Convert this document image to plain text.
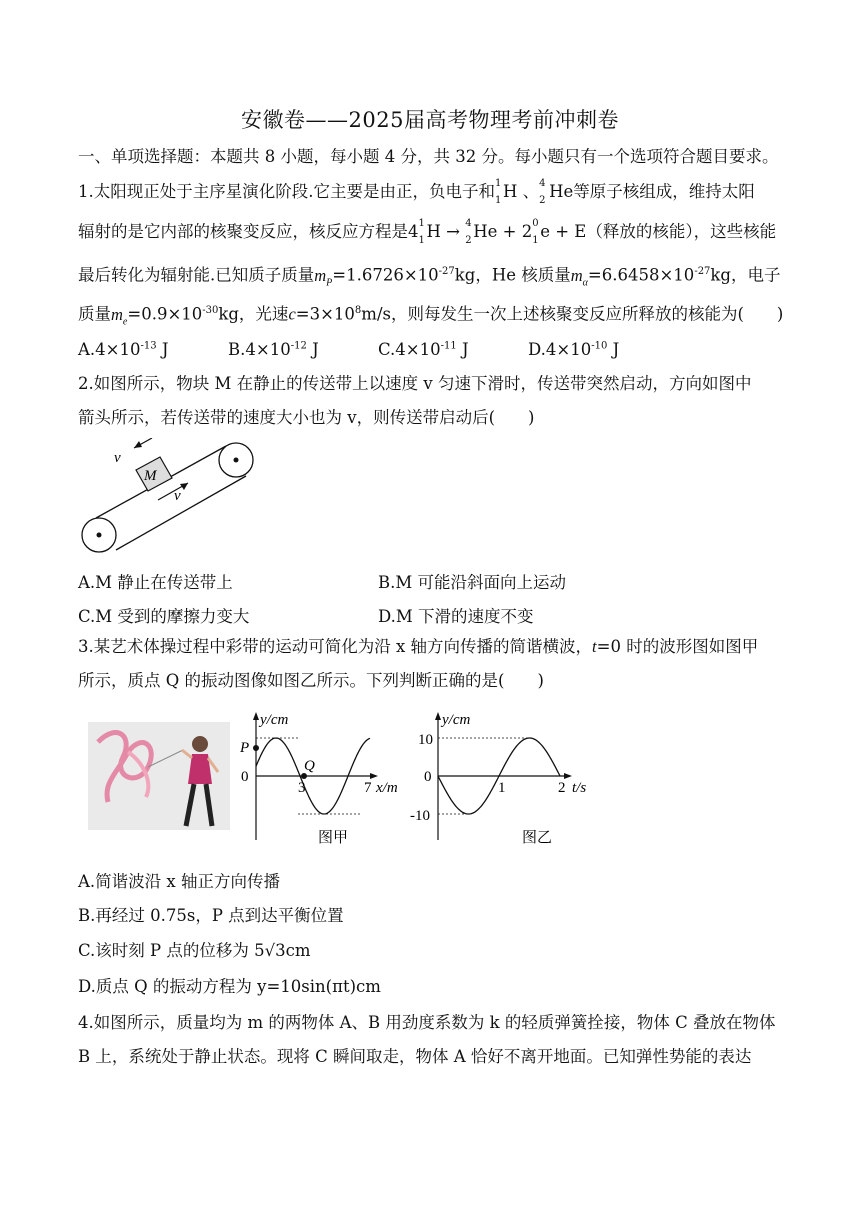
安徽卷——2025届高考物理考前冲刺卷
一、单项选择题：本题共 8 小题，每小题 4 分，共 32 分。每小题只有一个选项符合题目要求。
1.太阳现正处于主序星演化阶段.它主要是由正，负电子和 1
1 H 、 4
2 He等原子核组成，维持太阳
辐射的是它内部的核聚变反应，核反应方程是4 1
1 H → 4
2 He + 2 0
1 e + E（释放的核能），这些核能
最后转化为辐射能.已知质子质量$m_P=1.6726\times 10^{-27}kg$，He 核质量$m_\alpha=6.6458\times 10^{-27}kg$，电子
质量$m_e=0.9\times 10^{-30}kg$，光速$c=3\times 10^8m/s$，则每发生一次上述核聚变反应所释放的核能为(　　)
$A.4\times 10^{-13}$ J	$B.4\times 10^{-12}$ J	$C.4\times 10^{-11}$ J	$D.4\times 10^{-10}$ J
2.如图所示，物块 M 在静止的传送带上以速度 v 匀速下滑时，传送带突然启动，方向如图中
箭头所示，若传送带的速度大小也为 v，则传送带启动后(　　)
M
v
v
A.M 静止在传送带上	B.M 可能沿斜面向上运动
C.M 受到的摩擦力变大	D.M 下滑的速度不变
3.某艺术体操过程中彩带的运动可简化为沿 x 轴方向传播的简谐横波，t=0 时的波形图如图甲
所示，质点 Q 的振动图像如图乙所示。下列判断正确的是(　　)
y/cm
P
Q
0
3	7 x/m
图甲
y/cm
10
0
-10
1	2 t/s
图乙
A.简谐波沿 x 轴正方向传播
B.再经过 0.75s，P 点到达平衡位置
C.该时刻 P 点的位移为 5√3cm
D.质点 Q 的振动方程为 y=10sin(πt)cm
4.如图所示，质量均为 m 的两物体 A、B 用劲度系数为 k 的轻质弹簧拴接，物体 C 叠放在物体
B 上，系统处于静止状态。现将 C 瞬间取走，物体 A 恰好不离开地面。已知弹性势能的表达
